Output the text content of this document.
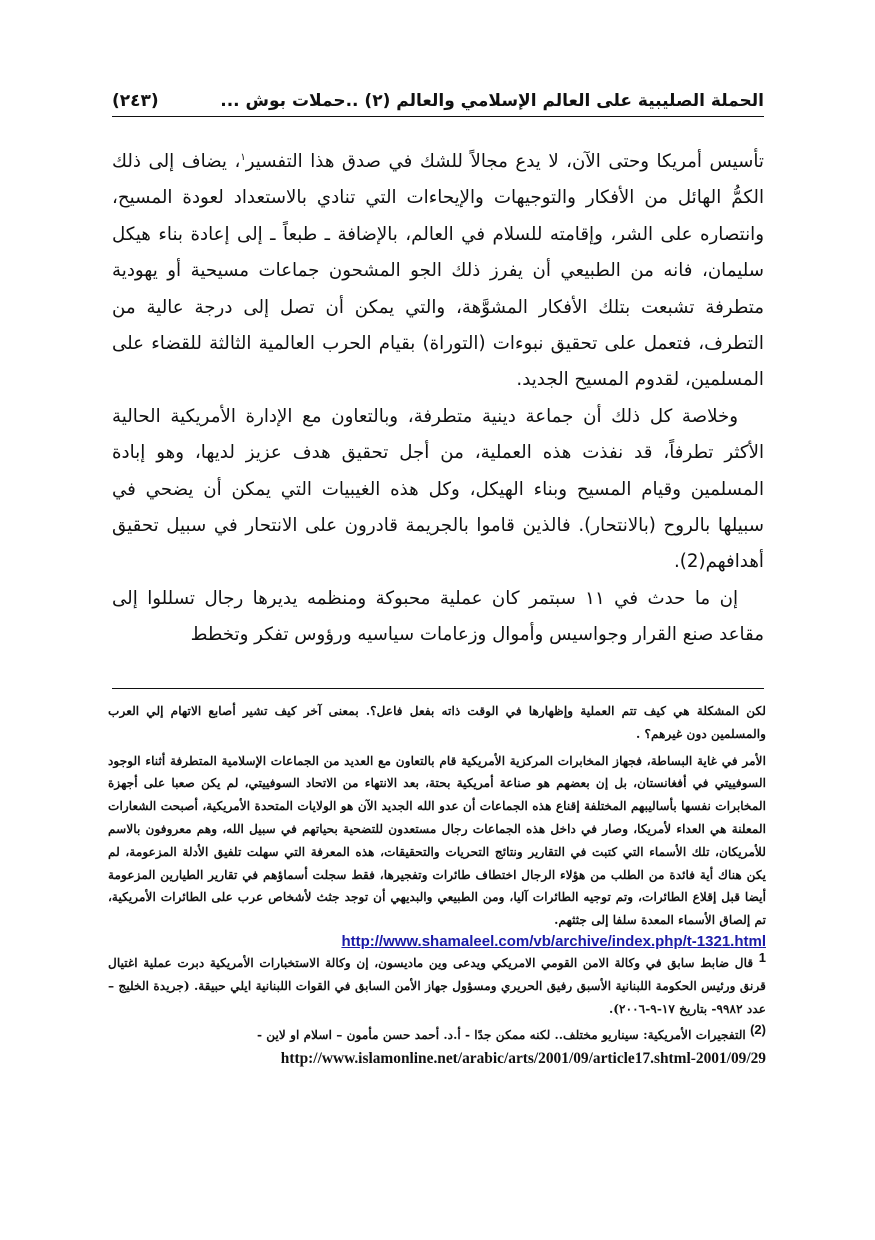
الحملة الصليبية على العالم الإسلامي والعالم (٢) ..حملات بوش ...
(٢٤٣)

تأسيس أمريكا وحتى الآن، لا يدع مجالاً للشك في صدق هذا التفسير$^١$، يضاف إلى ذلك الكمُّ الهائل من الأفكار والتوجيهات والإيحاءات التي تنادي بالاستعداد لعودة المسيح، وانتصاره على الشر، وإقامته للسلام في العالم، بالإضافة ـ طبعاً ـ إلى إعادة بناء هيكل سليمان، فانه من الطبيعي أن يفرز ذلك الجو المشحون جماعات مسيحية أو يهودية متطرفة تشبعت بتلك الأفكار المشوَّهة، والتي يمكن أن تصل إلى درجة عالية من التطرف، فتعمل على تحقيق نبوءات (التوراة) بقيام الحرب العالمية الثالثة للقضاء على المسلمين، لقدوم المسيح الجديد.

وخلاصة كل ذلك أن جماعة دينية متطرفة، وبالتعاون مع الإدارة الأمريكية الحالية الأكثر تطرفاً، قد نفذت هذه العملية، من أجل تحقيق هدف عزيز لديها، وهو إبادة المسلمين وقيام المسيح وبناء الهيكل، وكل هذه الغيبيات التي يمكن أن يضحي في سبيلها بالروح (بالانتحار). فالذين قاموا بالجريمة قادرون على الانتحار في سبيل تحقيق أهدافهم(2).

إن ما حدث في ١١ سبتمر كان عملية محبوكة ومنظمه يديرها رجال تسللوا إلى مقاعد صنع القرار وجواسيس وأموال وزعامات سياسيه ورؤوس تفكر وتخطط

لكن المشكلة هي كيف تتم العملية وإظهارها في الوقت ذاته بفعل فاعل؟. بمعنى آخر كيف تشير أصابع الاتهام إلي العرب والمسلمين دون غيرهم؟ .

الأمر في غاية البساطة، فجهاز المخابرات المركزية الأمريكية قام بالتعاون مع العديد من الجماعات الإسلامية المتطرفة أثناء الوجود السوفييتي في أفغانستان، بل إن بعضهم هو صناعة أمريكية بحتة، بعد الانتهاء من الاتحاد السوفييتي، لم يكن صعبا على أجهزة المخابرات نفسها بأساليبهم المختلفة إقناع هذه الجماعات أن عدو الله الجديد الآن هو الولايات المتحدة الأمريكية، أصبحت الشعارات المعلنة هي العداء لأمريكا، وصار في داخل هذه الجماعات رجال مستعدون للتضحية بحياتهم في سبيل الله، وهم معروفون بالاسم للأمريكان، تلك الأسماء التي كتبت في التقارير ونتائج التحريات والتحقيقات، هذه المعرفة التي سهلت تلفيق الأدلة المزعومة، لم يكن هناك أية فائدة من الطلب من هؤلاء الرجال اختطاف طائرات وتفجيرها، فقط سجلت أسماؤهم في تقارير الطيارين المزعومة أيضا قبل إقلاع الطائرات، وتم توجيه الطائرات آليا، ومن الطبيعي والبديهي أن توجد جثث لأشخاص عرب على الطائرات الأمريكية، تم إلصاق الأسماء المعدة سلفا إلى جثثهم.

http://www.shamaleel.com/vb/archive/index.php/t-1321.html

1 قال ضابط سابق في وكالة الامن القومي الامريكي ويدعى وين ماديسون، إن وكالة الاستخبارات الأمريكية دبرت عملية اغتيال قرنق ورئيس الحكومة اللبنانية الأسبق رفيق الحريري ومسؤول جهاز الأمن السابق في القوات اللبنانية ايلي حبيقة. (جريدة الخليج – عدد ٩٩٨٢- بتاريخ ١٧-٩-٢٠٠٦).

(2) التفجيرات الأمريكية: سيناريو مختلف.. لكنه ممكن جدًا - أ.د. أحمد حسن مأمون – اسلام او لاين -

http://www.islamonline.net/arabic/arts/2001/09/article17.shtml-2001/09/29
